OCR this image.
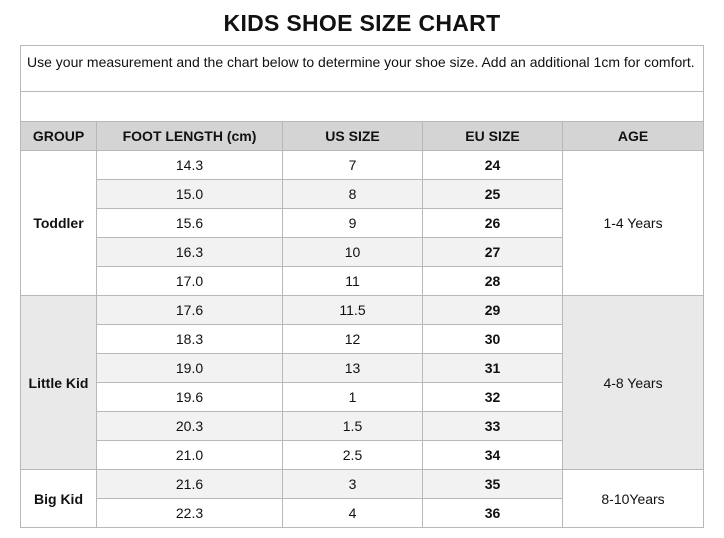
KIDS SHOE SIZE CHART
Use your measurement and the chart below to determine your shoe size. Add an additional 1cm for comfort.				

GROUP	FOOT LENGTH (cm)	US SIZE	EU SIZE	AGE
Toddler	14.3	7	24	1-4 Years
	15.0	8	25	
	15.6	9	26	
	16.3	10	27	
	17.0	11	28	
Little Kid	17.6	11.5	29	4-8 Years
	18.3	12	30	
	19.0	13	31	
	19.6	1	32	
	20.3	1.5	33	
	21.0	2.5	34	
Big Kid	21.6	3	35	8-10Years
	22.3	4	36	
